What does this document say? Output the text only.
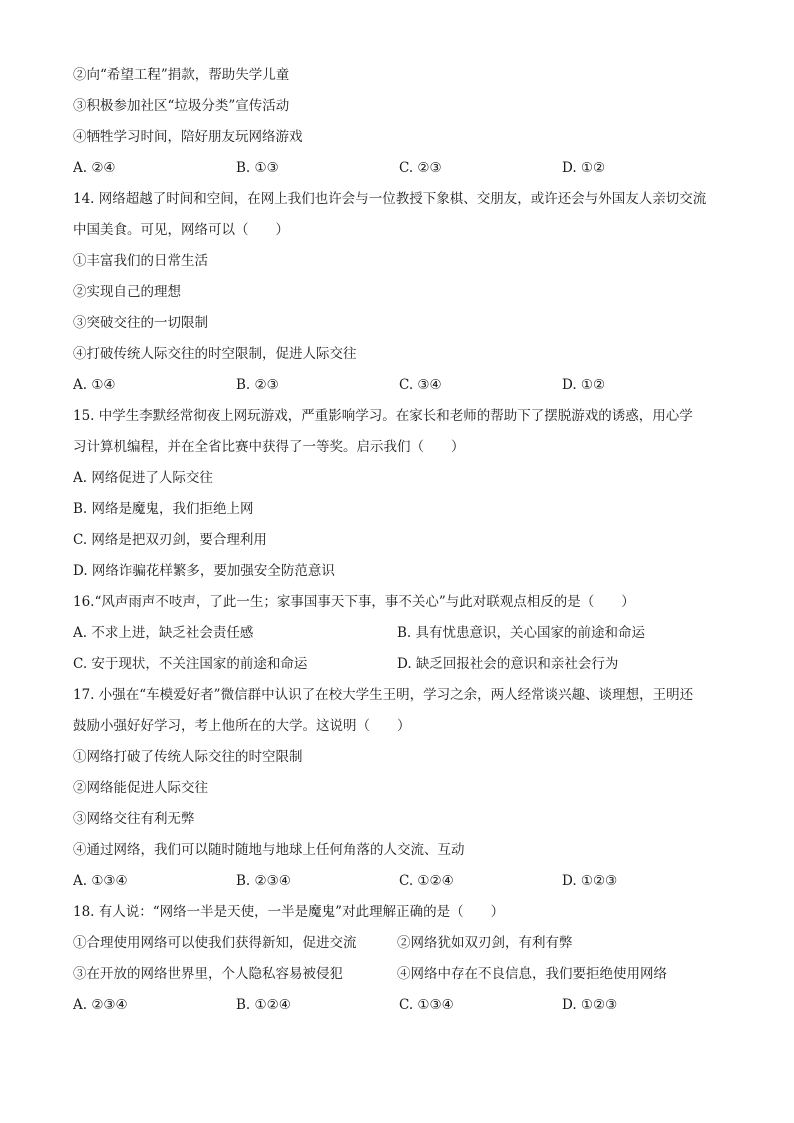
②向“希望工程”捐款，帮助失学儿童
③积极参加社区“垃圾分类”宣传活动
④牺牲学习时间，陪好朋友玩网络游戏
A. ②④	B. ①③	C. ②③	D. ①②
14. 网络超越了时间和空间，在网上我们也许会与一位教授下象棋、交朋友，或许还会与外国友人亲切交流
中国美食。可见，网络可以（　　）
①丰富我们的日常生活
②实现自己的理想
③突破交往的一切限制
④打破传统人际交往的时空限制，促进人际交往
A. ①④	B. ②③	C. ③④	D. ①②
15. 中学生李默经常彻夜上网玩游戏，严重影响学习。在家长和老师的帮助下了摆脱游戏的诱惑，用心学
习计算机编程，并在全省比赛中获得了一等奖。启示我们（　　）
A. 网络促进了人际交往
B. 网络是魔鬼，我们拒绝上网
C. 网络是把双刃剑，要合理利用
D. 网络诈骗花样繁多，要加强安全防范意识
16.“风声雨声不吱声，了此一生；家事国事天下事，事不关心”与此对联观点相反的是（　　）
A. 不求上进，缺乏社会责任感	B. 具有忧患意识，关心国家的前途和命运
C. 安于现状，不关注国家的前途和命运	D. 缺乏回报社会的意识和亲社会行为
17. 小强在“车模爱好者”微信群中认识了在校大学生王明，学习之余，两人经常谈兴趣、谈理想，王明还
鼓励小强好好学习，考上他所在的大学。这说明（　　）
①网络打破了传统人际交往的时空限制
②网络能促进人际交往
③网络交往有利无弊
④通过网络，我们可以随时随地与地球上任何角落的人交流、互动
A. ①③④	B. ②③④	C. ①②④	D. ①②③
18. 有人说：“网络一半是天使，一半是魔鬼”对此理解正确的是（　　）
①合理使用网络可以使我们获得新知，促进交流	②网络犹如双刃剑，有利有弊
③在开放的网络世界里，个人隐私容易被侵犯	④网络中存在不良信息，我们要拒绝使用网络
A. ②③④	B. ①②④	C. ①③④	D. ①②③
